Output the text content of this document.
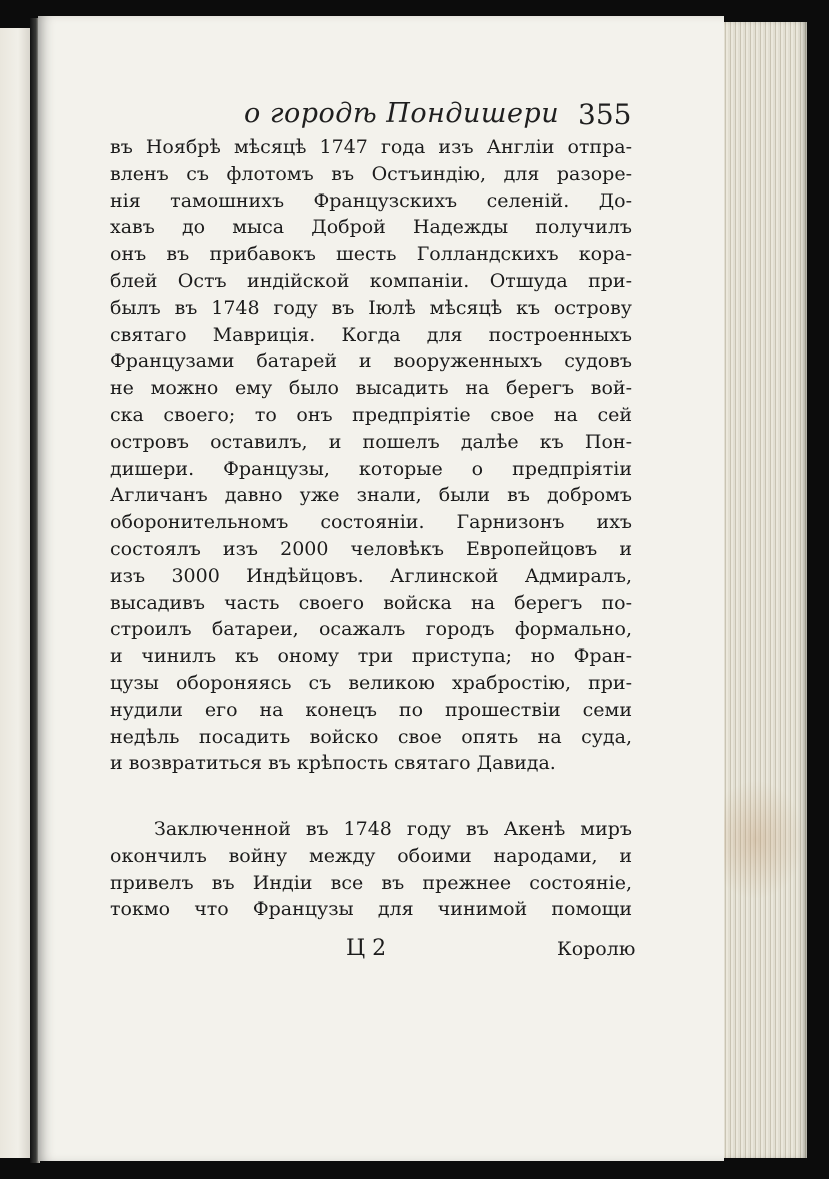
о городѣ Пондишери 355
въ Ноябрѣ мѣсяцѣ 1747 года изъ Англiи отпра-
вленъ съ флотомъ въ Остъиндiю, для разоре-
нiя тамошнихъ Французскихъ селенiй. Дo-
хавъ до мыса Доброй Надежды получилъ
онъ въ прибавокъ шесть Голландскихъ кора-
блей Остъ индiйской компанiи. Отшуда при-
былъ въ 1748 году въ Iюлѣ мѣсяцѣ къ острову
святаго Маврицiя. Когда для построенныхъ
Французами батарей и вооруженныхъ судовъ
не можно ему было высадить на берегъ вой-
ска своего; то онъ предпрiятiе свое на сей
островъ оставилъ, и пошелъ далѣе къ Пон-
дишери. Французы, которые о предпрiятiи
Агличанъ давно уже знали, были въ добромъ
оборонительномъ состоянiи. Гарнизонъ ихъ
состоялъ изъ 2000 человѣкъ Европейцовъ и
изъ 3000 Индѣйцовъ. Аглинской Адмиралъ,
высадивъ часть своего войска на берегъ по-
строилъ батареи, осажалъ городъ формально,
и чинилъ къ оному три приступа; но Фран-
цузы обороняясь съ великою храбростiю, при-
нудили его на конецъ по прошествiи семи
недѣль посадить войско свое опять на суда,
и возвратиться въ крѣпость святаго Давида.
Заключенной въ 1748 году въ Акенѣ миръ
окончилъ войну между обоими народами, и
привелъ въ Индiи все въ прежнее состоянiе,
токмо что Французы для чинимой помощи
Ц 2	Королю
